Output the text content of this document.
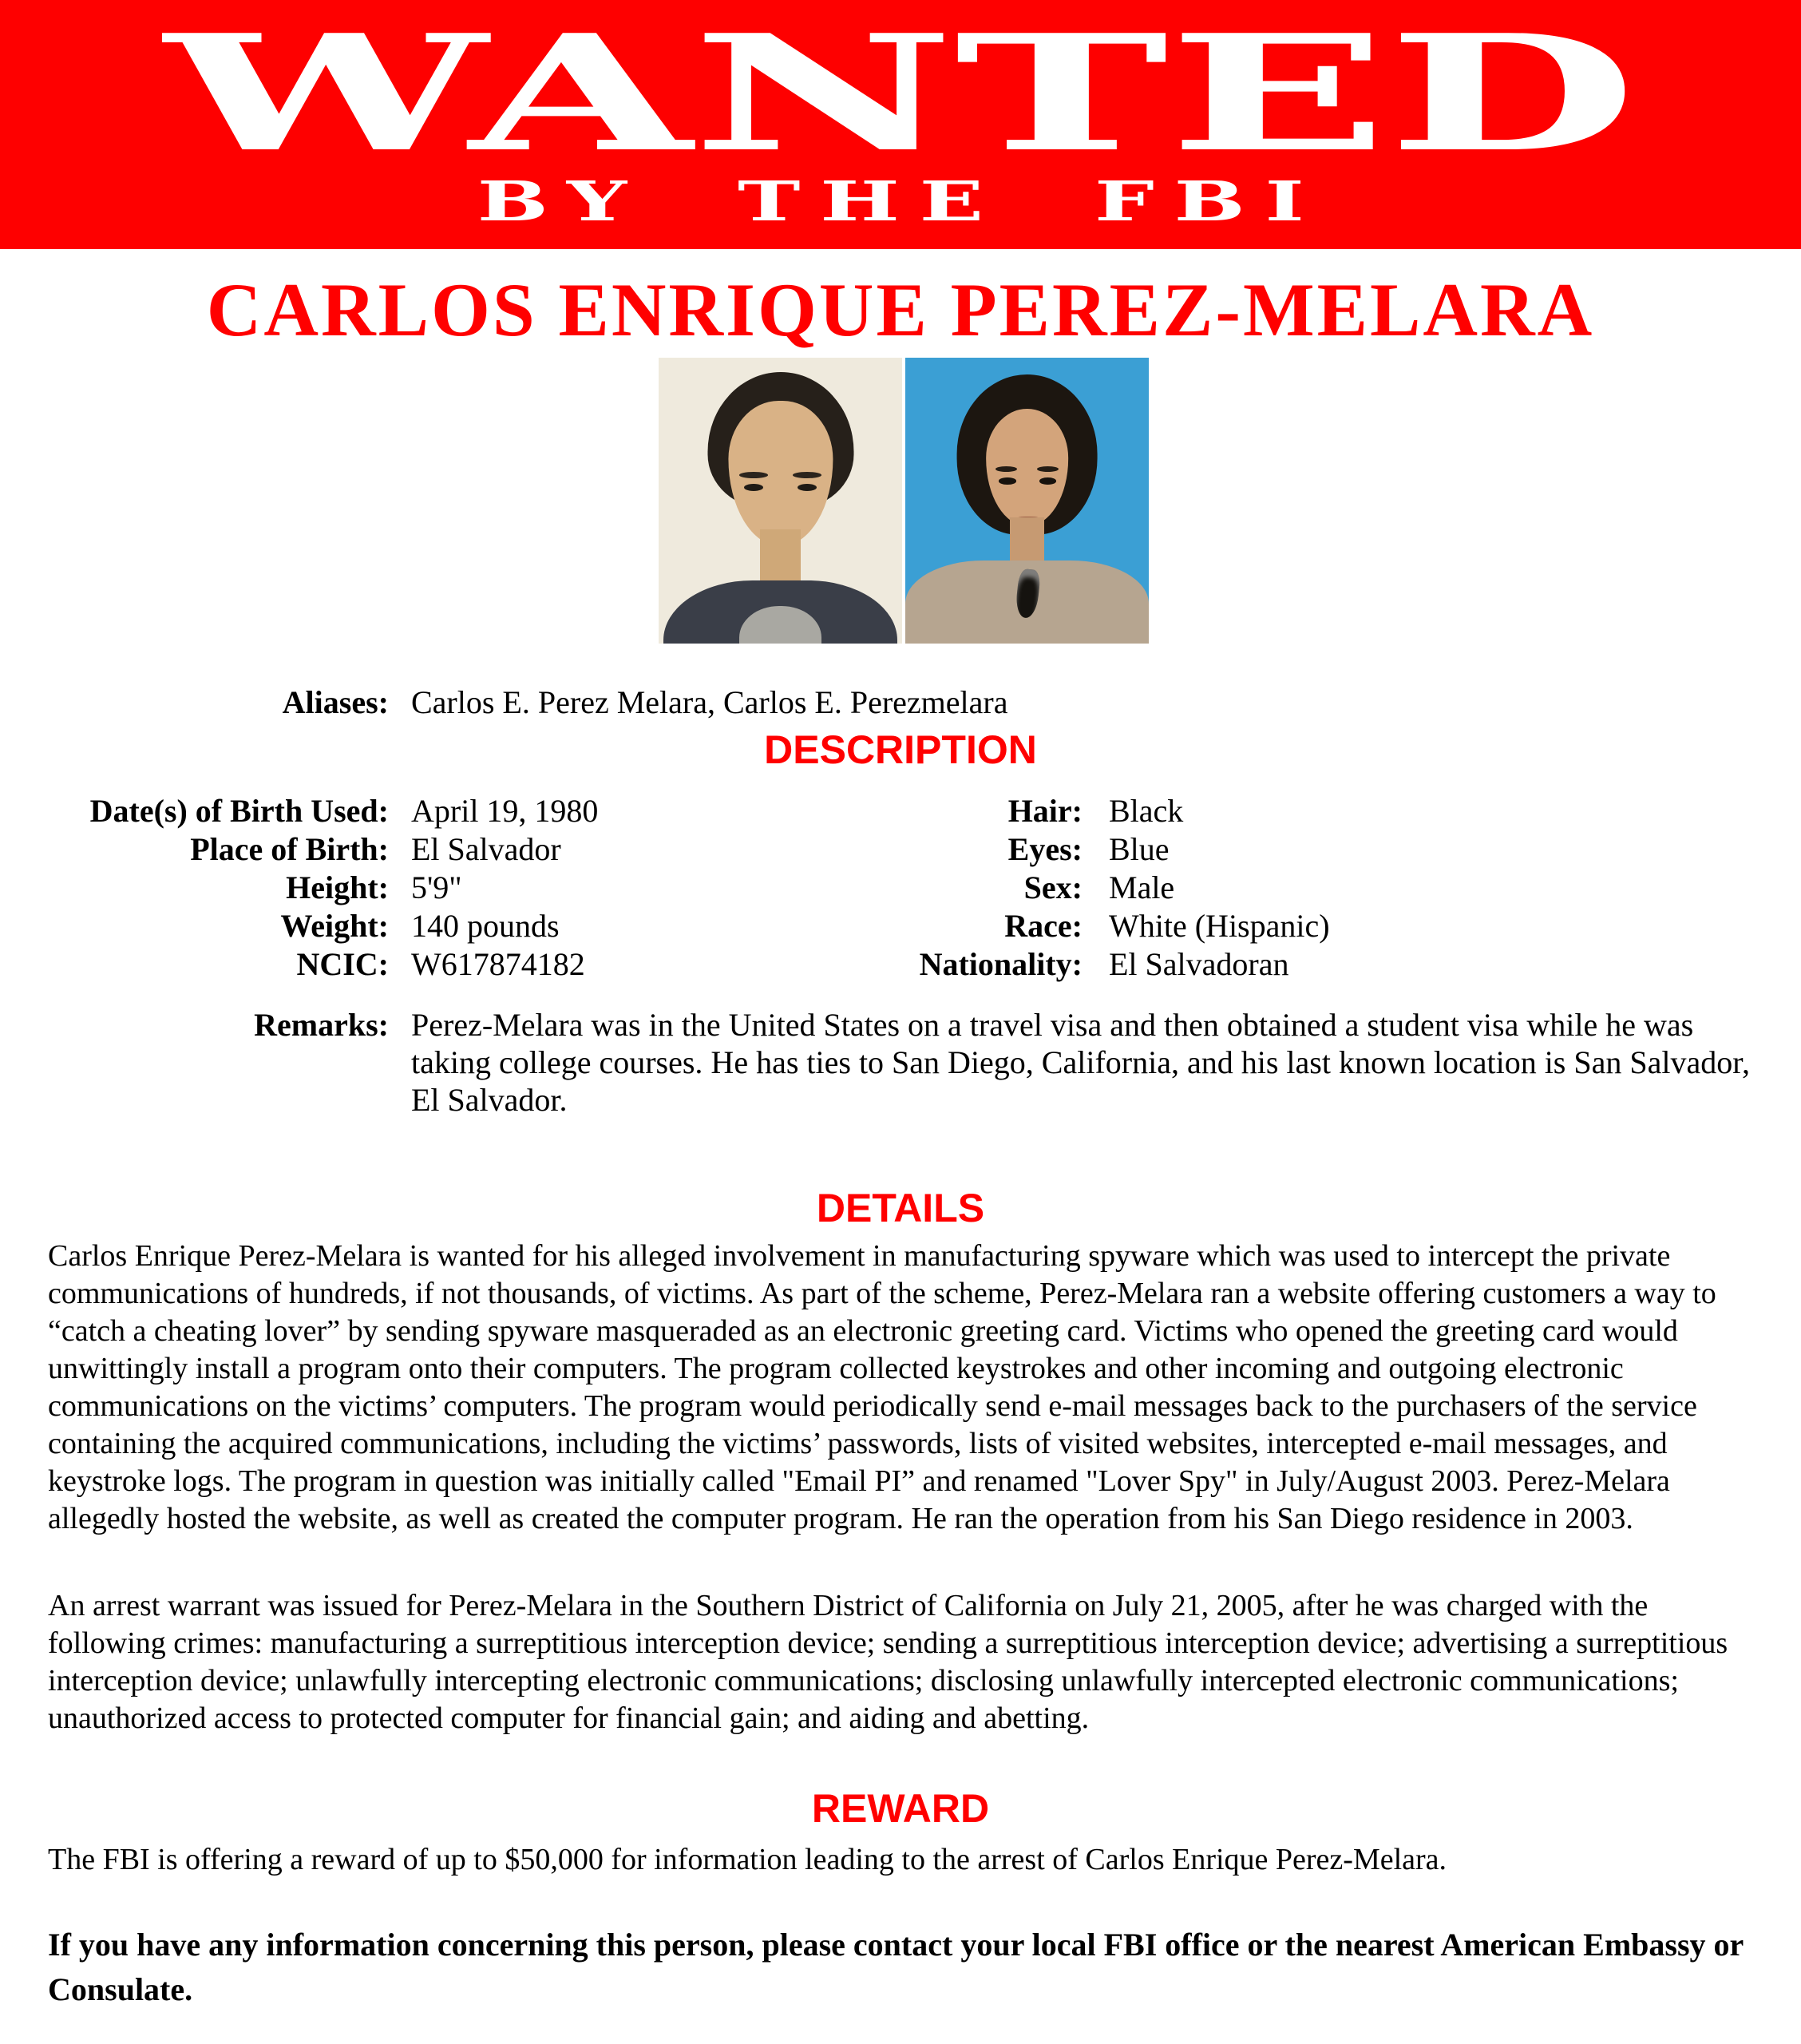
WANTED
BY THE FBI
CARLOS ENRIQUE PEREZ-MELARA
Aliases: Carlos E. Perez Melara, Carlos E. Perezmelara
DESCRIPTION
Date(s) of Birth Used: April 19, 1980
Place of Birth: El Salvador
Height: 5'9"
Weight: 140 pounds
NCIC: W617874182
Hair: Black
Eyes: Blue
Sex: Male
Race: White (Hispanic)
Nationality: El Salvadoran
Remarks: Perez-Melara was in the United States on a travel visa and then obtained a student visa while he was taking college courses. He has ties to San Diego, California, and his last known location is San Salvador, El Salvador.
DETAILS

Carlos Enrique Perez-Melara is wanted for his alleged involvement in manufacturing spyware which was used to intercept the private communications of hundreds, if not thousands, of victims. As part of the scheme, Perez-Melara ran a website offering customers a way to “catch a cheating lover” by sending spyware masqueraded as an electronic greeting card. Victims who opened the greeting card would unwittingly install a program onto their computers. The program collected keystrokes and other incoming and outgoing electronic communications on the victims’ computers. The program would periodically send e-mail messages back to the purchasers of the service containing the acquired communications, including the victims’ passwords, lists of visited websites, intercepted e-mail messages, and keystroke logs. The program in question was initially called "Email PI” and renamed "Lover Spy" in July/August 2003. Perez-Melara allegedly hosted the website, as well as created the computer program. He ran the operation from his San Diego residence in 2003.

An arrest warrant was issued for Perez-Melara in the Southern District of California on July 21, 2005, after he was charged with the following crimes: manufacturing a surreptitious interception device; sending a surreptitious interception device; advertising a surreptitious interception device; unlawfully intercepting electronic communications; disclosing unlawfully intercepted electronic communications; unauthorized access to protected computer for financial gain; and aiding and abetting.

REWARD

The FBI is offering a reward of up to $50,000 for information leading to the arrest of Carlos Enrique Perez-Melara.

If you have any information concerning this person, please contact your local FBI office or the nearest American Embassy or Consulate.
